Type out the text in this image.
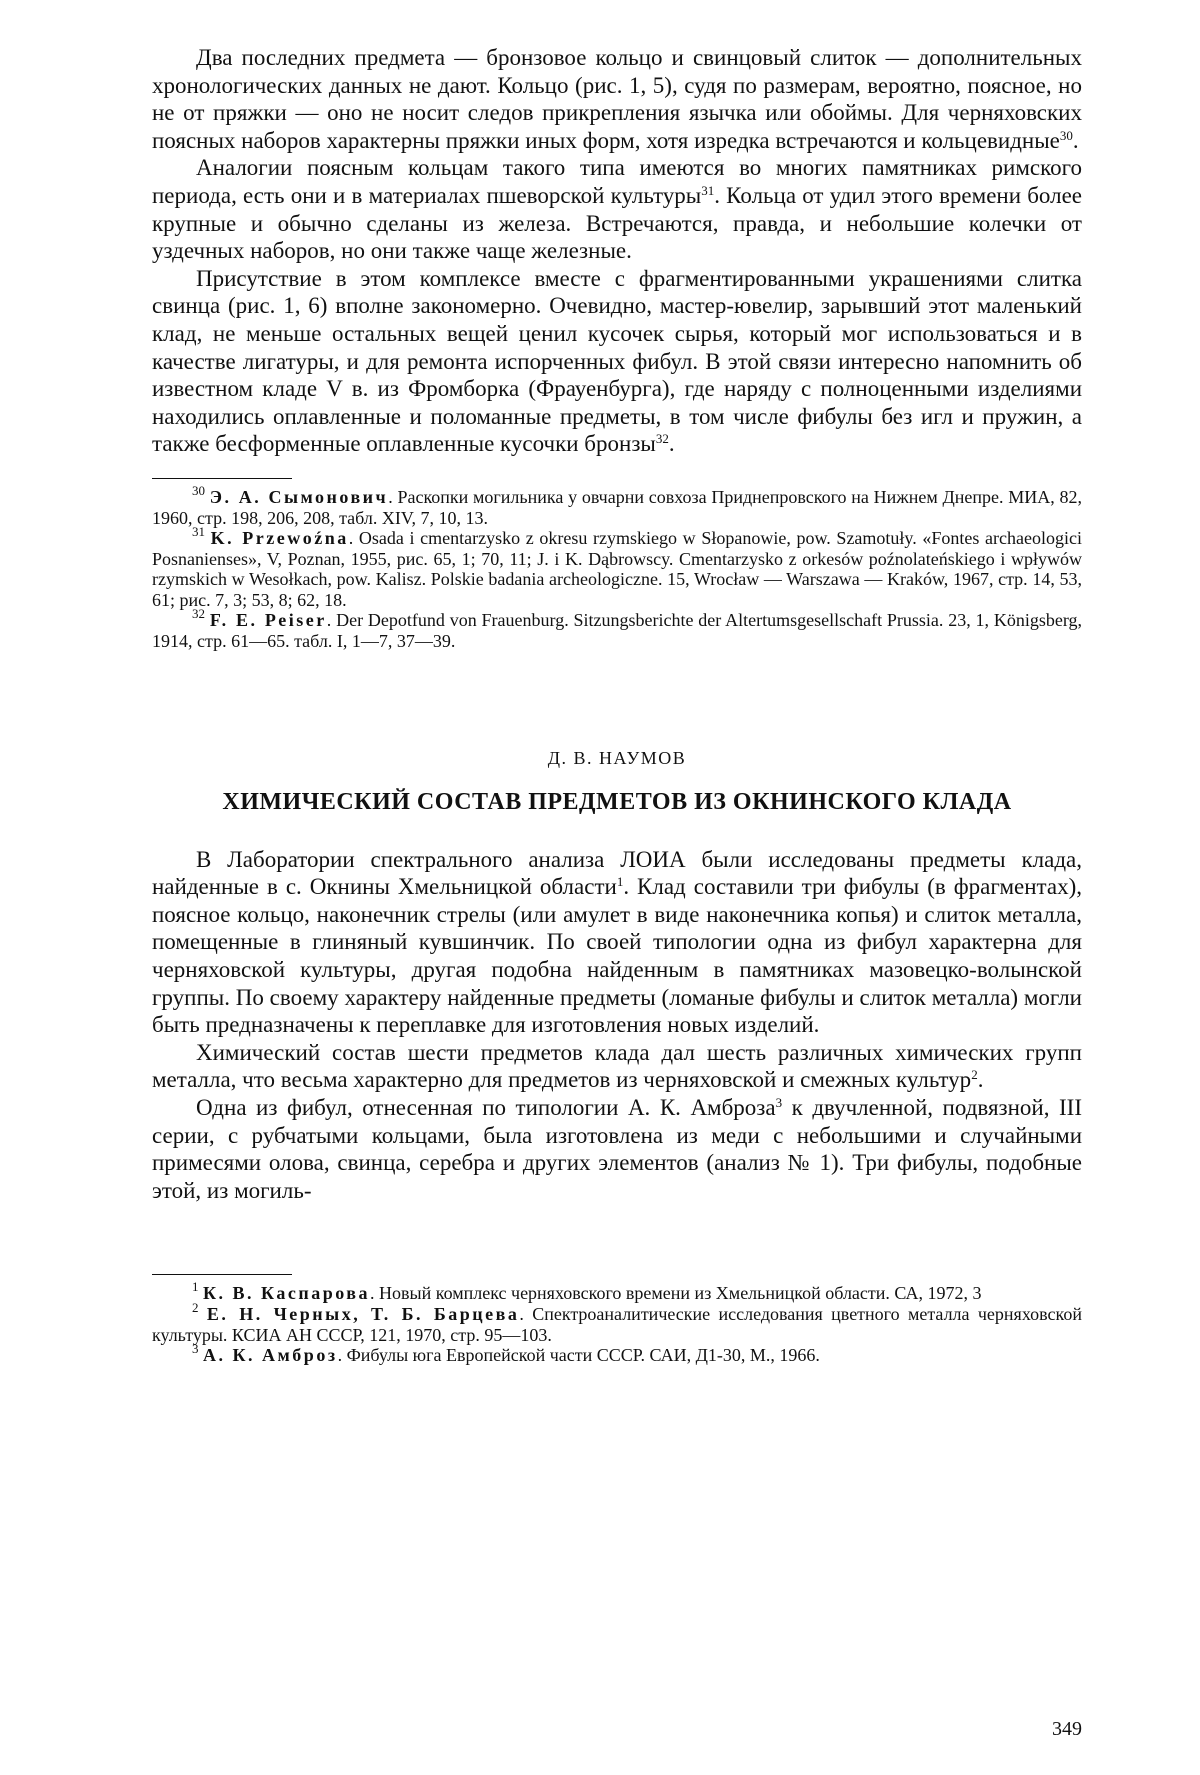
Два последних предмета — бронзовое кольцо и свинцовый слиток — дополнительных хронологических данных не дают. Кольцо (рис. 1, 5), судя по размерам, вероятно, поясное, но не от пряжки — оно не носит следов прикрепления язычка или обоймы. Для черняховских поясных наборов характерны пряжки иных форм, хотя изредка встречаются и кольцевидные$^{30}$.

Аналогии поясным кольцам такого типа имеются во многих памятниках римского периода, есть они и в материалах пшеворской культуры$^{31}$. Кольца от удил этого времени более крупные и обычно сделаны из железа. Встречаются, правда, и небольшие колечки от уздечных наборов, но они также чаще железные.

Присутствие в этом комплексе вместе с фрагментированными украшениями слитка свинца (рис. 1, 6) вполне закономерно. Очевидно, мастер-ювелир, зарывший этот маленький клад, не меньше остальных вещей ценил кусочек сырья, который мог использоваться и в качестве лигатуры, и для ремонта испорченных фибул. В этой связи интересно напомнить об известном кладе V в. из Фромборка (Фрауенбурга), где наряду с полноценными изделиями находились оплавленные и поломанные предметы, в том числе фибулы без игл и пружин, а также бесформенные оплавленные кусочки бронзы$^{32}$.

$^{30}$ Э. А. Сымонович. Раскопки могильника у овчарни совхоза Приднепровского на Нижнем Днепре. МИА, 82, 1960, стр. 198, 206, 208, табл. XIV, 7, 10, 13.

$^{31}$ K. Przewoźna. Osada i cmentarzysko z okresu rzymskiego w Słopanowie, pow. Szamotuły. «Fontes archaeologici Posnanienses», V, Poznan, 1955, рис. 65, 1; 70, 11; J. i K. Dąbrowscy. Cmentarzysko z orkesów poźnolateńskiego i wpływów rzymskich w Wesołkach, pow. Kalisz. Polskie badania archeologiczne. 15, Wrocław — Warszawa — Kraków, 1967, стр. 14, 53, 61; рис. 7, 3; 53, 8; 62, 18.

$^{32}$ F. E. Peiser. Der Depotfund von Frauenburg. Sitzungsberichte der Altertumsgesellschaft Prussia. 23, 1, Königsberg, 1914, стр. 61—65. табл. I, 1—7, 37—39.

Д. В. НАУМОВ
ХИМИЧЕСКИЙ СОСТАВ ПРЕДМЕТОВ ИЗ ОКНИНСКОГО КЛАДА

В Лаборатории спектрального анализа ЛОИА были исследованы предметы клада, найденные в с. Окнины Хмельницкой области$^1$. Клад составили три фибулы (в фрагментах), поясное кольцо, наконечник стрелы (или амулет в виде наконечника копья) и слиток металла, помещенные в глиняный кувшинчик. По своей типологии одна из фибул характерна для черняховской культуры, другая подобна найденным в памятниках мазовецко-волынской группы. По своему характеру найденные предметы (ломаные фибулы и слиток металла) могли быть предназначены к переплавке для изготовления новых изделий.

Химический состав шести предметов клада дал шесть различных химических групп металла, что весьма характерно для предметов из черняховской и смежных культур$^2$.

Одна из фибул, отнесенная по типологии А. К. Амброза$^3$ к двучленной, подвязной, III серии, с рубчатыми кольцами, была изготовлена из меди с небольшими и случайными примесями олова, свинца, серебра и других элементов (анализ № 1). Три фибулы, подобные этой, из могиль-

$^1$ К. В. Каспарова. Новый комплекс черняховского времени из Хмельницкой области. СА, 1972, 3

$^2$ Е. Н. Черных, Т. Б. Барцева. Спектроаналитические исследования цветного металла черняховской культуры. КСИА АН СССР, 121, 1970, стр. 95—103.

$^3$ А. К. Амброз. Фибулы юга Европейской части СССР. САИ, Д1-30, М., 1966.

349
